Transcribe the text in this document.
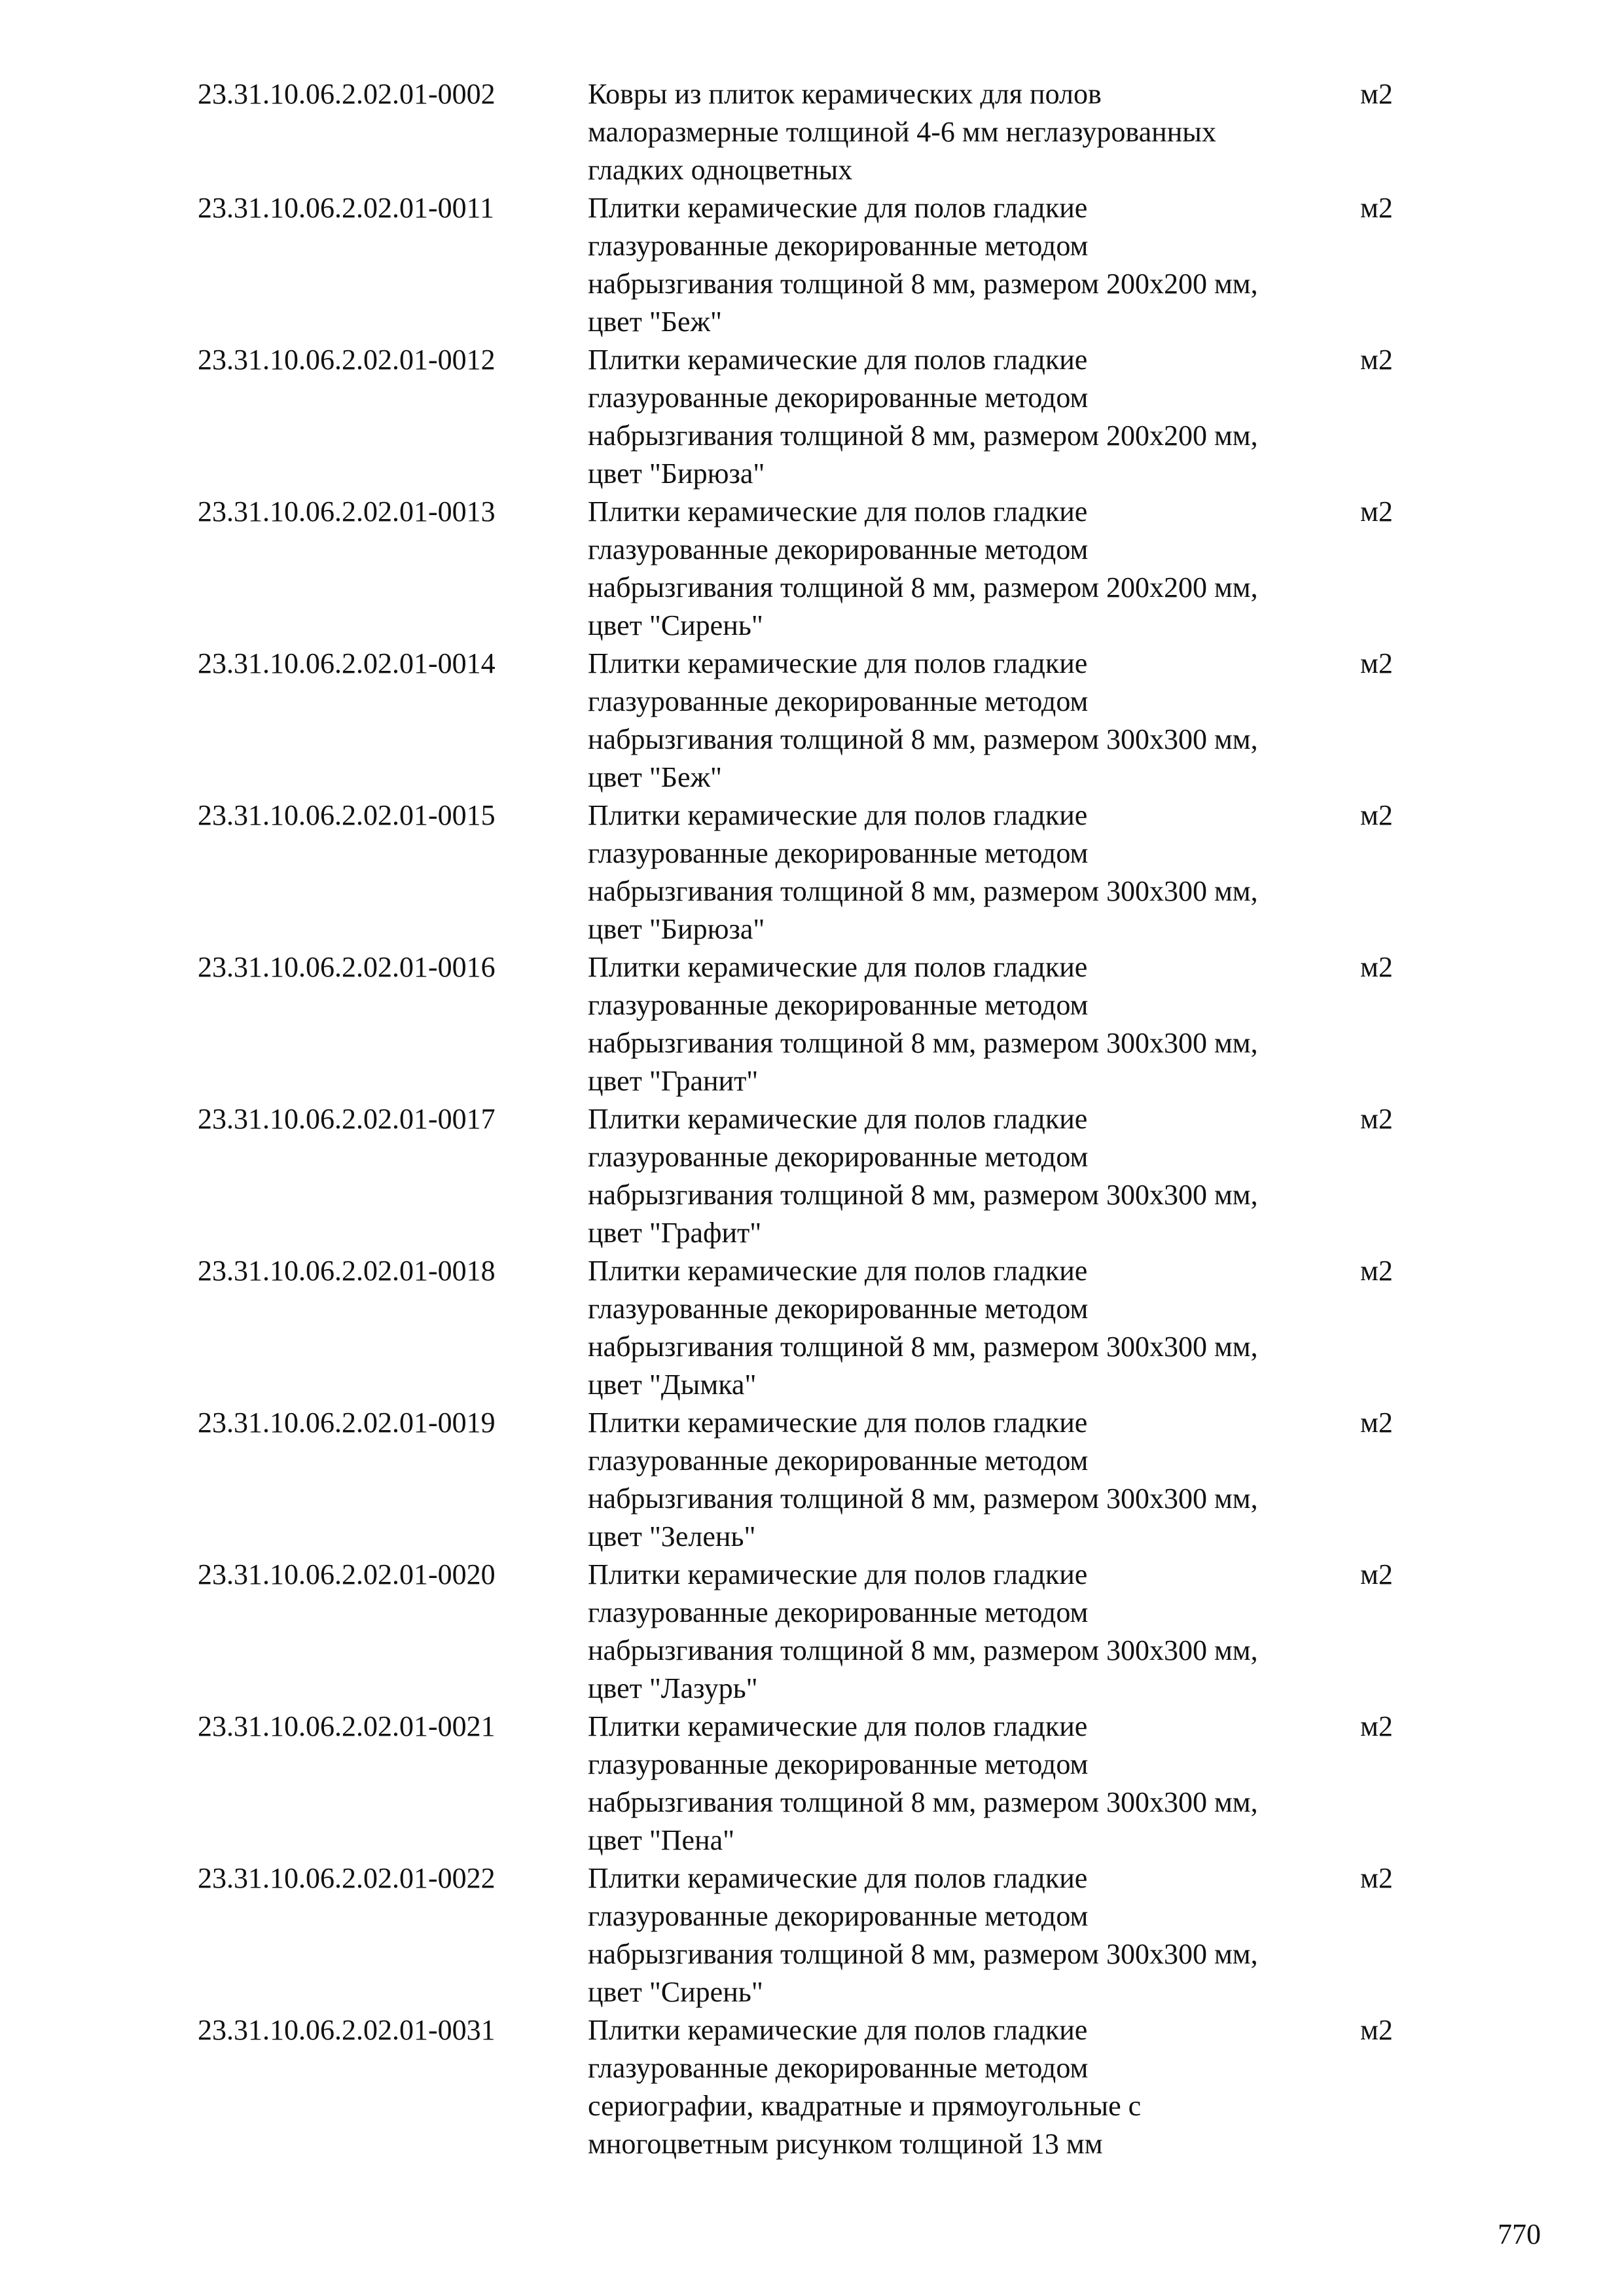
23.31.10.06.2.02.01-0002	Ковры из плиток керамических для полов
малоразмерные толщиной 4-6 мм неглазурованных
гладких одноцветных
м2
23.31.10.06.2.02.01-0011	Плитки керамические для полов гладкие
глазурованные декорированные методом
набрызгивания толщиной 8 мм, размером 200х200 мм,
цвет "Беж"
м2
23.31.10.06.2.02.01-0012	Плитки керамические для полов гладкие
глазурованные декорированные методом
набрызгивания толщиной 8 мм, размером 200х200 мм,
цвет "Бирюза"
м2
23.31.10.06.2.02.01-0013	Плитки керамические для полов гладкие
глазурованные декорированные методом
набрызгивания толщиной 8 мм, размером 200х200 мм,
цвет "Сирень"
м2
23.31.10.06.2.02.01-0014	Плитки керамические для полов гладкие
глазурованные декорированные методом
набрызгивания толщиной 8 мм, размером 300х300 мм,
цвет "Беж"
м2
23.31.10.06.2.02.01-0015	Плитки керамические для полов гладкие
глазурованные декорированные методом
набрызгивания толщиной 8 мм, размером 300х300 мм,
цвет "Бирюза"
м2
23.31.10.06.2.02.01-0016	Плитки керамические для полов гладкие
глазурованные декорированные методом
набрызгивания толщиной 8 мм, размером 300х300 мм,
цвет "Гранит"
м2
23.31.10.06.2.02.01-0017	Плитки керамические для полов гладкие
глазурованные декорированные методом
набрызгивания толщиной 8 мм, размером 300х300 мм,
цвет "Графит"
м2
23.31.10.06.2.02.01-0018	Плитки керамические для полов гладкие
глазурованные декорированные методом
набрызгивания толщиной 8 мм, размером 300х300 мм,
цвет "Дымка"
м2
23.31.10.06.2.02.01-0019	Плитки керамические для полов гладкие
глазурованные декорированные методом
набрызгивания толщиной 8 мм, размером 300х300 мм,
цвет "Зелень"
м2
23.31.10.06.2.02.01-0020	Плитки керамические для полов гладкие
глазурованные декорированные методом
набрызгивания толщиной 8 мм, размером 300х300 мм,
цвет "Лазурь"
м2
23.31.10.06.2.02.01-0021	Плитки керамические для полов гладкие
глазурованные декорированные методом
набрызгивания толщиной 8 мм, размером 300х300 мм,
цвет "Пена"
м2
23.31.10.06.2.02.01-0022	Плитки керамические для полов гладкие
глазурованные декорированные методом
набрызгивания толщиной 8 мм, размером 300х300 мм,
цвет "Сирень"
м2
23.31.10.06.2.02.01-0031	Плитки керамические для полов гладкие
глазурованные декорированные методом
сериографии, квадратные и прямоугольные с
многоцветным рисунком толщиной 13 мм
м2
770
